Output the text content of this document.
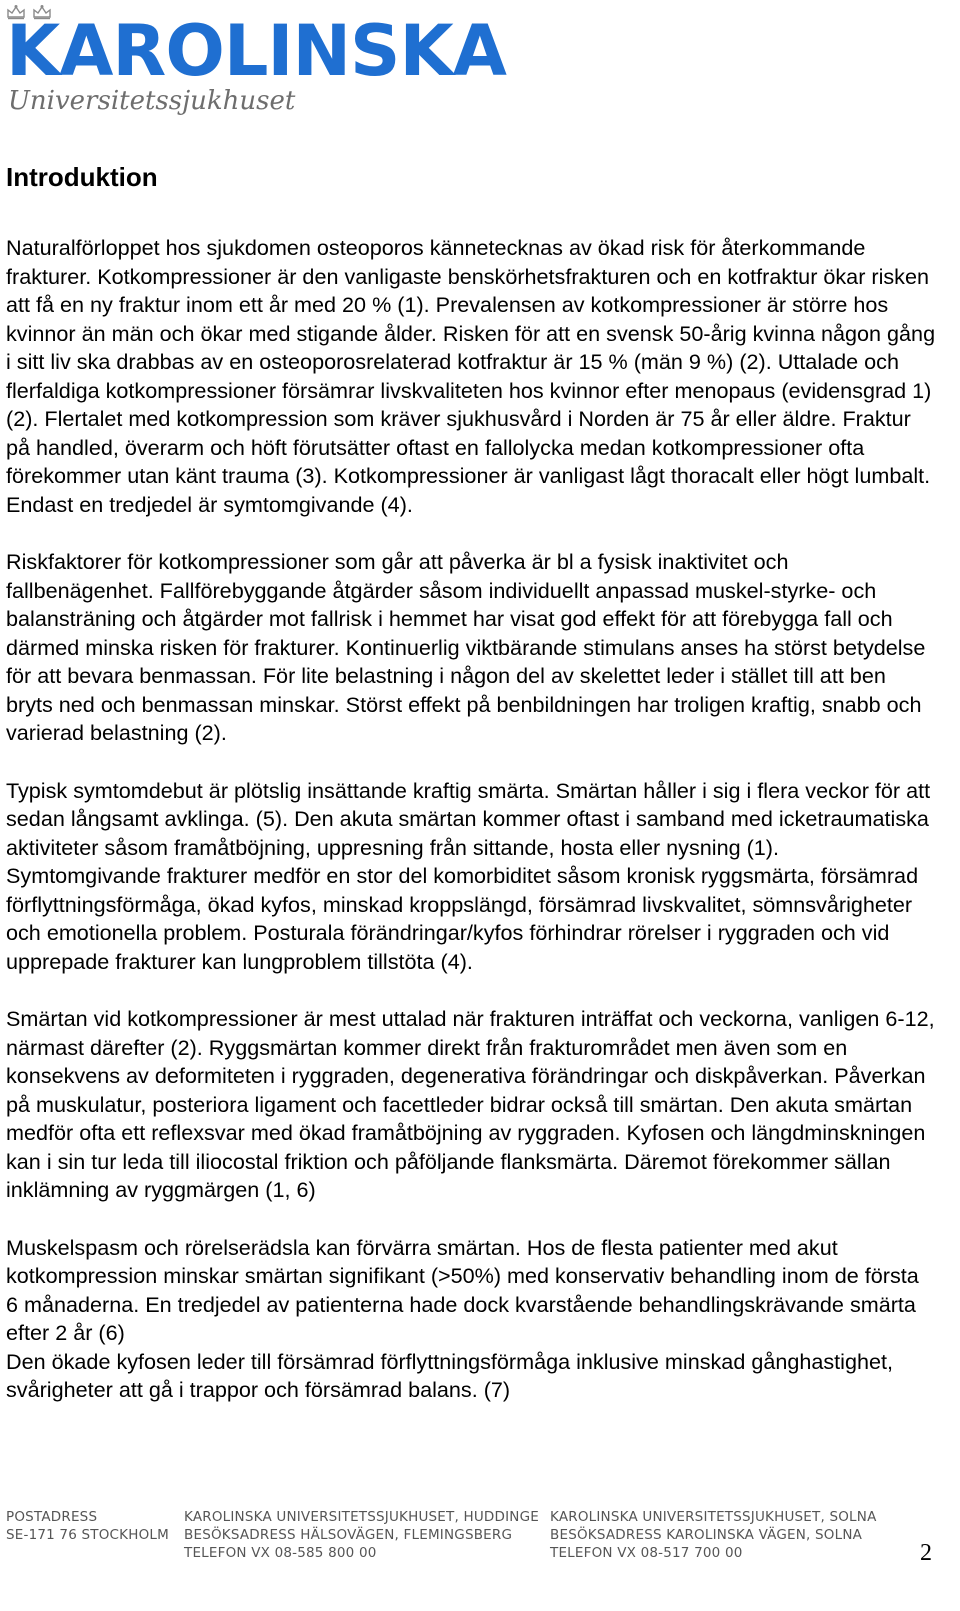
KAROLINSKA
Universitetssjukhuset
Introduktion

Naturalförloppet hos sjukdomen osteoporos kännetecknas av ökad risk för återkommande frakturer. Kotkompressioner är den vanligaste benskörhetsfrakturen och en kotfraktur ökar risken att få en ny fraktur inom ett år med 20 % (1). Prevalensen av kotkompressioner är större hos kvinnor än män och ökar med stigande ålder. Risken för att en svensk 50-årig kvinna någon gång i sitt liv ska drabbas av en osteoporosrelaterad kotfraktur är 15 % (män 9 %) (2). Uttalade och flerfaldiga kotkompressioner försämrar livskvaliteten hos kvinnor efter menopaus (evidensgrad 1) (2). Flertalet med kotkompression som kräver sjukhusvård i Norden är 75 år eller äldre. Fraktur på handled, överarm och höft förutsätter oftast en fallolycka medan kotkompressioner ofta förekommer utan känt trauma (3). Kotkompressioner är vanligast lågt thoracalt eller högt lumbalt. Endast en tredjedel är symtomgivande (4).

Riskfaktorer för kotkompressioner som går att påverka är bl a fysisk inaktivitet och fallbenägenhet. Fallförebyggande åtgärder såsom individuellt anpassad muskel-styrke- och balansträning och åtgärder mot fallrisk i hemmet har visat god effekt för att förebygga fall och därmed minska risken för frakturer. Kontinuerlig viktbärande stimulans anses ha störst betydelse för att bevara benmassan. För lite belastning i någon del av skelettet leder i stället till att ben bryts ned och benmassan minskar. Störst effekt på benbildningen har troligen kraftig, snabb och varierad belastning (2).

Typisk symtomdebut är plötslig insättande kraftig smärta. Smärtan håller i sig i flera veckor för att sedan långsamt avklinga. (5). Den akuta smärtan kommer oftast i samband med icketraumatiska aktiviteter såsom framåtböjning, uppresning från sittande, hosta eller nysning (1). Symtomgivande frakturer medför en stor del komorbiditet såsom kronisk ryggsmärta, försämrad förflyttningsförmåga, ökad kyfos, minskad kroppslängd, försämrad livskvalitet, sömnsvårigheter och emotionella problem. Posturala förändringar/kyfos förhindrar rörelser i ryggraden och vid upprepade frakturer kan lungproblem tillstöta (4).

Smärtan vid kotkompressioner är mest uttalad när frakturen inträffat och veckorna, vanligen 6-12, närmast därefter (2). Ryggsmärtan kommer direkt från frakturområdet men även som en konsekvens av deformiteten i ryggraden, degenerativa förändringar och diskpåverkan. Påverkan på muskulatur, posteriora ligament och facettleder bidrar också till smärtan. Den akuta smärtan medför ofta ett reflexsvar med ökad framåtböjning av ryggraden. Kyfosen och längdminskningen kan i sin tur leda till iliocostal friktion och påföljande flanksmärta. Däremot förekommer sällan inklämning av ryggmärgen (1, 6)

Muskelspasm och rörelserädsla kan förvärra smärtan. Hos de flesta patienter med akut kotkompression minskar smärtan signifikant (>50%) med konservativ behandling inom de första 6 månaderna. En tredjedel av patienterna hade dock kvarstående behandlingskrävande smärta efter 2 år (6)

Den ökade kyfosen leder till försämrad förflyttningsförmåga inklusive minskad gånghastighet, svårigheter att gå i trappor och försämrad balans. (7)

POSTADRESS
SE-171 76 STOCKHOLM
KAROLINSKA UNIVERSITETSSJUKHUSET, HUDDINGE
BESÖKSADRESS HÄLSOVÄGEN, FLEMINGSBERG
TELEFON VX 08-585 800 00
KAROLINSKA UNIVERSITETSSJUKHUSET, SOLNA
BESÖKSADRESS KAROLINSKA VÄGEN, SOLNA
TELEFON VX 08-517 700 00	2
